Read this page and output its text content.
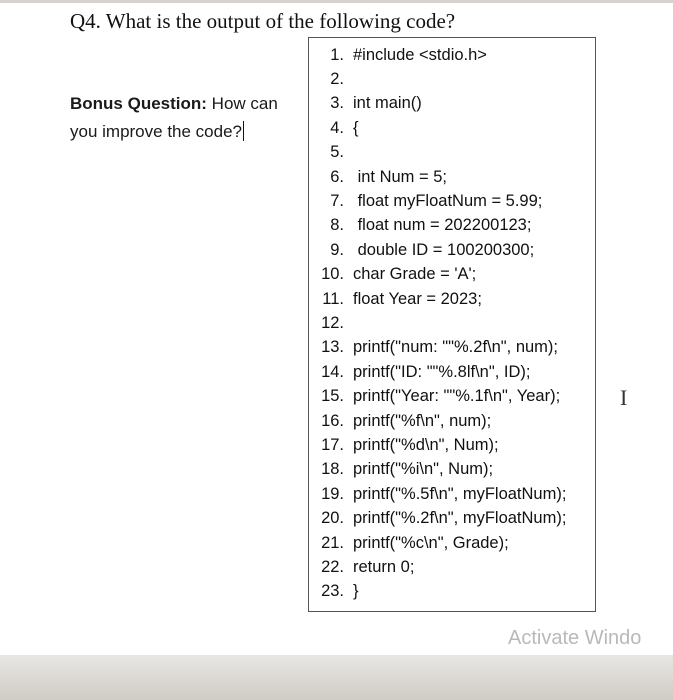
Q4. What is the output of the following code?
Bonus Question: How can you improve the code?
1. #include <stdio.h>
2.
3. int main()
4. {
5.
6. int Num = 5;
7. float myFloatNum = 5.99;
8. float num = 202200123;
9. double ID = 100200300;
10. char Grade = 'A';
11. float Year = 2023;
12.
13. printf("num: ""%.2f\n", num);
14. printf("ID: ""%.8lf\n", ID);
15. printf("Year: ""%.1f\n", Year);
16. printf("%f\n", num);
17. printf("%d\n", Num);
18. printf("%i\n", Num);
19. printf("%.5f\n", myFloatNum);
20. printf("%.2f\n", myFloatNum);
21. printf("%c\n", Grade);
22. return 0;
23. }
I
Activate Windo
